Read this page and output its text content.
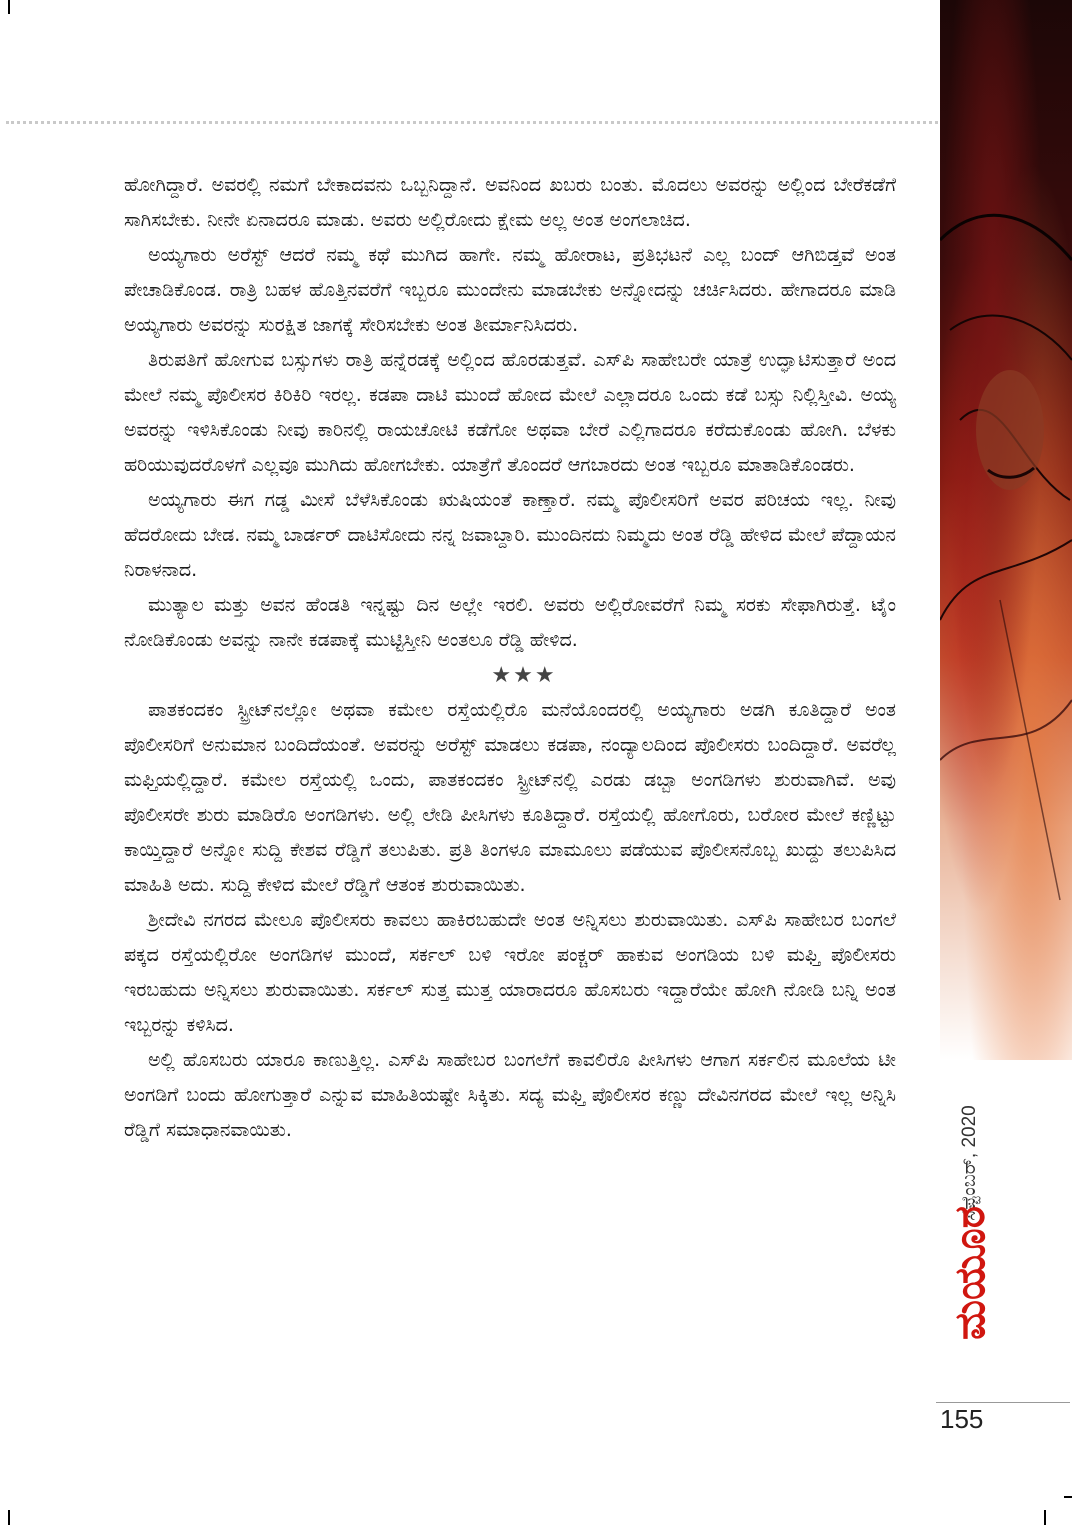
ಹೋಗಿದ್ದಾರೆ. ಅವರಲ್ಲಿ ನಮಗೆ ಬೇಕಾದವನು ಒಬ್ಬನಿದ್ದಾನೆ. ಅವನಿಂದ ಖಬರು ಬಂತು. ಮೊದಲು ಅವರನ್ನು ಅಲ್ಲಿಂದ ಬೇರೆಕಡೆಗೆ ಸಾಗಿಸಬೇಕು. ನೀನೇ ಏನಾದರೂ ಮಾಡು. ಅವರು ಅಲ್ಲಿರೋದು ಕ್ಷೇಮ ಅಲ್ಲ ಅಂತ ಅಂಗಲಾಚಿದ.

ಅಯ್ಯಗಾರು ಅರೆಸ್ಟ್ ಆದರೆ ನಮ್ಮ ಕಥೆ ಮುಗಿದ ಹಾಗೇ. ನಮ್ಮ ಹೋರಾಟ, ಪ್ರತಿಭಟನೆ ಎಲ್ಲ ಬಂದ್ ಆಗಿಬಿಡ್ತವೆ ಅಂತ ಪೇಚಾಡಿಕೊಂಡ. ರಾತ್ರಿ ಬಹಳ ಹೊತ್ತಿನವರೆಗೆ ಇಬ್ಬರೂ ಮುಂದೇನು ಮಾಡಬೇಕು ಅನ್ನೋದನ್ನು ಚರ್ಚಿಸಿದರು. ಹೇಗಾದರೂ ಮಾಡಿ ಅಯ್ಯಗಾರು ಅವರನ್ನು ಸುರಕ್ಷಿತ ಜಾಗಕ್ಕೆ ಸೇರಿಸಬೇಕು ಅಂತ ತೀರ್ಮಾನಿಸಿದರು.

ತಿರುಪತಿಗೆ ಹೋಗುವ ಬಸ್ಸುಗಳು ರಾತ್ರಿ ಹನ್ನೆರಡಕ್ಕೆ ಅಲ್ಲಿಂದ ಹೊರಡುತ್ತವೆ. ಎಸ್‌ಪಿ ಸಾಹೇಬರೇ ಯಾತ್ರೆ ಉದ್ಘಾಟಿಸುತ್ತಾರೆ ಅಂದ ಮೇಲೆ ನಮ್ಮ ಪೊಲೀಸರ ಕಿರಿಕಿರಿ ಇರಲ್ಲ. ಕಡಪಾ ದಾಟಿ ಮುಂದೆ ಹೋದ ಮೇಲೆ ಎಲ್ಲಾದರೂ ಒಂದು ಕಡೆ ಬಸ್ಸು ನಿಲ್ಲಿಸ್ತೀವಿ. ಅಯ್ಯ ಅವರನ್ನು ಇಳಿಸಿಕೊಂಡು ನೀವು ಕಾರಿನಲ್ಲಿ ರಾಯಚೋಟಿ ಕಡೆಗೋ ಅಥವಾ ಬೇರೆ ಎಲ್ಲಿಗಾದರೂ ಕರೆದುಕೊಂಡು ಹೋಗಿ. ಬೆಳಕು ಹರಿಯುವುದರೊಳಗೆ ಎಲ್ಲವೂ ಮುಗಿದು ಹೋಗಬೇಕು. ಯಾತ್ರೆಗೆ ತೊಂದರೆ ಆಗಬಾರದು ಅಂತ ಇಬ್ಬರೂ ಮಾತಾಡಿಕೊಂಡರು.

ಅಯ್ಯಗಾರು ಈಗ ಗಡ್ಡ ಮೀಸೆ ಬೆಳೆಸಿಕೊಂಡು ಋಷಿಯಂತೆ ಕಾಣ್ತಾರೆ. ನಮ್ಮ ಪೊಲೀಸರಿಗೆ ಅವರ ಪರಿಚಯ ಇಲ್ಲ. ನೀವು ಹೆದರೋದು ಬೇಡ. ನಮ್ಮ ಬಾರ್ಡರ್ ದಾಟಿಸೋದು ನನ್ನ ಜವಾಬ್ದಾರಿ. ಮುಂದಿನದು ನಿಮ್ಮದು ಅಂತ ರೆಡ್ಡಿ ಹೇಳಿದ ಮೇಲೆ ಪೆದ್ದಾಯನ ನಿರಾಳನಾದ.

ಮುತ್ಯಾಲ ಮತ್ತು ಅವನ ಹೆಂಡತಿ ಇನ್ನಷ್ಟು ದಿನ ಅಲ್ಲೇ ಇರಲಿ. ಅವರು ಅಲ್ಲಿರೋವರೆಗೆ ನಿಮ್ಮ ಸರಕು ಸೇಫಾಗಿರುತ್ತೆ. ಟೈಂ ನೋಡಿಕೊಂಡು ಅವನ್ನು ನಾನೇ ಕಡಪಾಕ್ಕೆ ಮುಟ್ಟಿಸ್ತೀನಿ ಅಂತಲೂ ರೆಡ್ಡಿ ಹೇಳಿದ.

★★★

ಪಾತಕಂದಕಂ ಸ್ಟ್ರೀಟ್‌ನಲ್ಲೋ ಅಥವಾ ಕಮೇಲ ರಸ್ತೆಯಲ್ಲಿರೊ ಮನೆಯೊಂದರಲ್ಲಿ ಅಯ್ಯಗಾರು ಅಡಗಿ ಕೂತಿದ್ದಾರೆ ಅಂತ ಪೊಲೀಸರಿಗೆ ಅನುಮಾನ ಬಂದಿದೆಯಂತೆ. ಅವರನ್ನು ಅರೆಸ್ಟ್ ಮಾಡಲು ಕಡಪಾ, ನಂದ್ಯಾಲದಿಂದ ಪೊಲೀಸರು ಬಂದಿದ್ದಾರೆ. ಅವರೆಲ್ಲ ಮಫ್ತಿಯಲ್ಲಿದ್ದಾರೆ. ಕಮೇಲ ರಸ್ತೆಯಲ್ಲಿ ಒಂದು, ಪಾತಕಂದಕಂ ಸ್ಟ್ರೀಟ್‌ನಲ್ಲಿ ಎರಡು ಡಬ್ಬಾ ಅಂಗಡಿಗಳು ಶುರುವಾಗಿವೆ. ಅವು ಪೊಲೀಸರೇ ಶುರು ಮಾಡಿರೊ ಅಂಗಡಿಗಳು. ಅಲ್ಲಿ ಲೇಡಿ ಪೀಸಿಗಳು ಕೂತಿದ್ದಾರೆ. ರಸ್ತೆಯಲ್ಲಿ ಹೋಗೊರು, ಬರೋರ ಮೇಲೆ ಕಣ್ಣಿಟ್ಟು ಕಾಯ್ತಿದ್ದಾರೆ ಅನ್ನೋ ಸುದ್ದಿ ಕೇಶವ ರೆಡ್ಡಿಗೆ ತಲುಪಿತು. ಪ್ರತಿ ತಿಂಗಳೂ ಮಾಮೂಲು ಪಡೆಯುವ ಪೊಲೀಸನೊಬ್ಬ ಖುದ್ದು ತಲುಪಿಸಿದ ಮಾಹಿತಿ ಅದು. ಸುದ್ದಿ ಕೇಳಿದ ಮೇಲೆ ರೆಡ್ಡಿಗೆ ಆತಂಕ ಶುರುವಾಯಿತು.

ಶ್ರೀದೇವಿ ನಗರದ ಮೇಲೂ ಪೊಲೀಸರು ಕಾವಲು ಹಾಕಿರಬಹುದೇ ಅಂತ ಅನ್ನಿಸಲು ಶುರುವಾಯಿತು. ಎಸ್‌ಪಿ ಸಾಹೇಬರ ಬಂಗಲೆ ಪಕ್ಕದ ರಸ್ತೆಯಲ್ಲಿರೋ ಅಂಗಡಿಗಳ ಮುಂದೆ, ಸರ್ಕಲ್ ಬಳಿ ಇರೋ ಪಂಕ್ಚರ್ ಹಾಕುವ ಅಂಗಡಿಯ ಬಳಿ ಮಫ್ತಿ ಪೊಲೀಸರು ಇರಬಹುದು ಅನ್ನಿಸಲು ಶುರುವಾಯಿತು. ಸರ್ಕಲ್ ಸುತ್ತ ಮುತ್ತ ಯಾರಾದರೂ ಹೊಸಬರು ಇದ್ದಾರೆಯೇ ಹೋಗಿ ನೋಡಿ ಬನ್ನಿ ಅಂತ ಇಬ್ಬರನ್ನು ಕಳಿಸಿದ.

ಅಲ್ಲಿ ಹೊಸಬರು ಯಾರೂ ಕಾಣುತ್ತಿಲ್ಲ. ಎಸ್‌ಪಿ ಸಾಹೇಬರ ಬಂಗಲೆಗೆ ಕಾವಲಿರೊ ಪೀಸಿಗಳು ಆಗಾಗ ಸರ್ಕಲಿನ ಮೂಲೆಯ ಟೀ ಅಂಗಡಿಗೆ ಬಂದು ಹೋಗುತ್ತಾರೆ ಎನ್ನುವ ಮಾಹಿತಿಯಷ್ಟೇ ಸಿಕ್ಕಿತು. ಸದ್ಯ ಮಫ್ತಿ ಪೊಲೀಸರ ಕಣ್ಣು ದೇವಿನಗರದ ಮೇಲೆ ಇಲ್ಲ ಅನ್ನಿಸಿ ರೆಡ್ಡಿಗೆ ಸಮಾಧಾನವಾಯಿತು.	ಸೆಪ್ಟೆಂಬರ್, 2020
ಮಯೂರ
155
